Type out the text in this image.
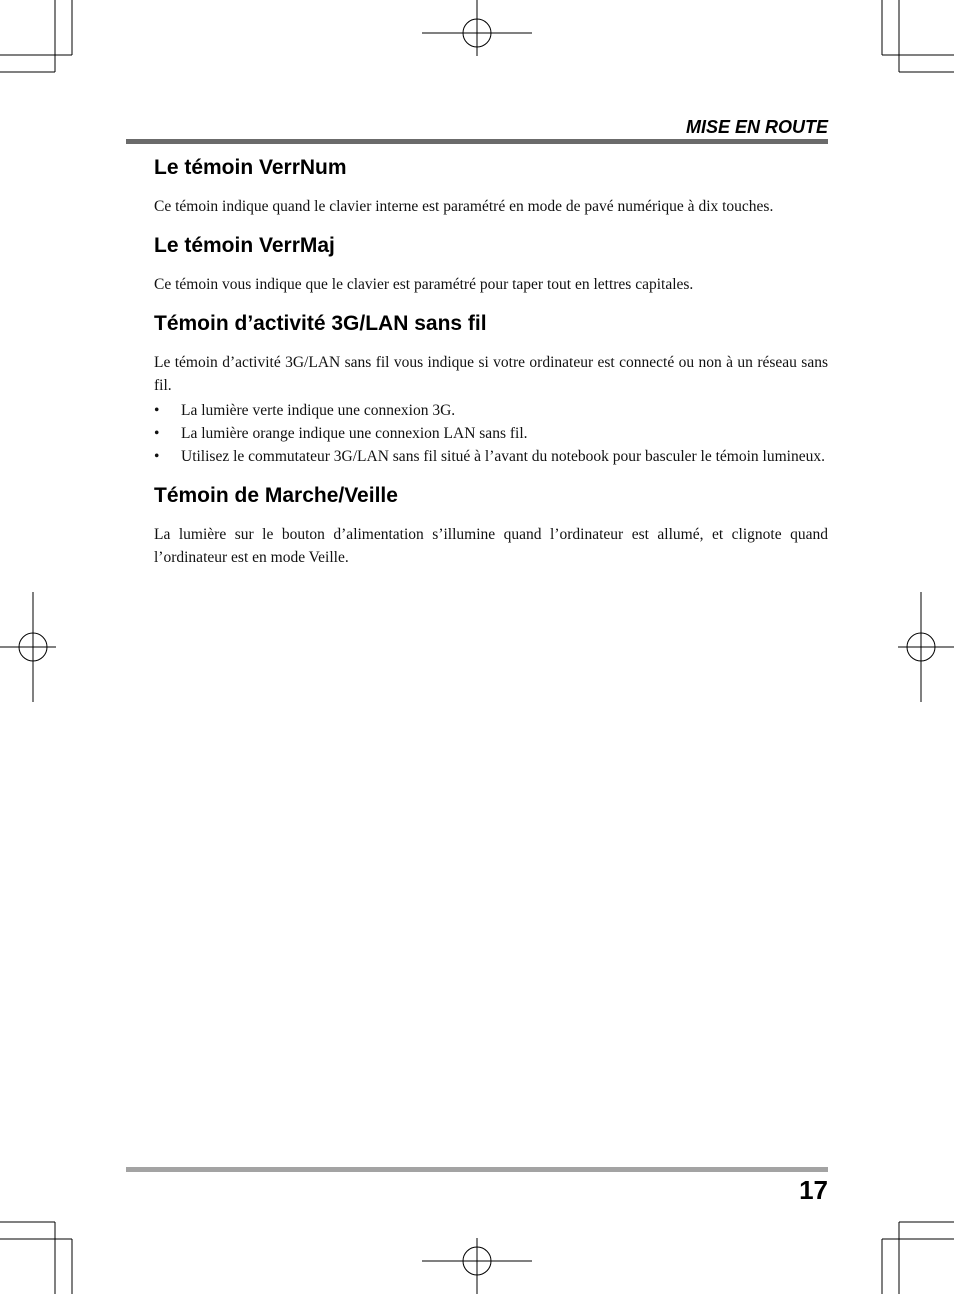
MISE EN ROUTE
Le témoin VerrNum

Ce témoin indique quand le clavier interne est paramétré en mode de pavé numérique à dix touches.

Le témoin VerrMaj

Ce témoin vous indique que le clavier est paramétré pour taper tout en lettres capitales.

Témoin d’activité 3G/LAN sans fil

Le témoin d’activité 3G/LAN sans fil vous indique si votre ordinateur est connecté ou non à un réseau sans fil.

• La lumière verte indique une connexion 3G.
• La lumière orange indique une connexion LAN sans fil.
• Utilisez le commutateur 3G/LAN sans fil situé à l’avant du notebook pour basculer le témoin lumineux.
Témoin de Marche/Veille

La lumière sur le bouton d’alimentation s’illumine quand l’ordinateur est allumé, et clignote quand l’ordinateur est en mode Veille.

17
